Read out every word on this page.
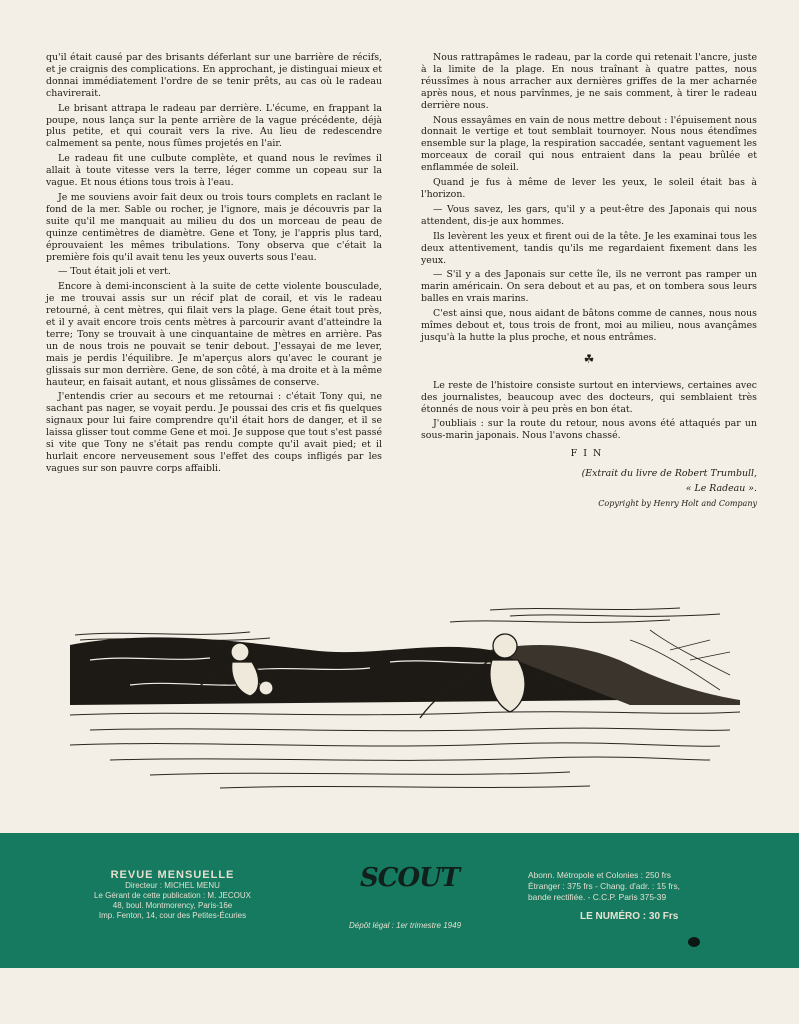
qu'il était causé par des brisants déferlant sur une barrière de récifs, et je craignis des complications. En approchant, je distinguai mieux et donnai immédiatement l'ordre de se tenir prêts, au cas où le radeau chavirerait.

Le brisant attrapa le radeau par derrière. L'écume, en frappant la poupe, nous lança sur la pente arrière de la vague précédente, déjà plus petite, et qui courait vers la rive. Au lieu de redescendre calmement sa pente, nous fûmes projetés en l'air.

Le radeau fit une culbute complète, et quand nous le revîmes il allait à toute vitesse vers la terre, léger comme un copeau sur la vague. Et nous étions tous trois à l'eau.

Je me souviens avoir fait deux ou trois tours complets en raclant le fond de la mer. Sable ou rocher, je l'ignore, mais je découvris par la suite qu'il me manquait au milieu du dos un morceau de peau de quinze centimètres de diamètre. Gene et Tony, je l'appris plus tard, éprouvaient les mêmes tribulations. Tony observa que c'était la première fois qu'il avait tenu les yeux ouverts sous l'eau.

— Tout était joli et vert.

Encore à demi-inconscient à la suite de cette violente bousculade, je me trouvai assis sur un récif plat de corail, et vis le radeau retourné, à cent mètres, qui filait vers la plage. Gene était tout près, et il y avait encore trois cents mètres à parcourir avant d'atteindre la terre; Tony se trouvait à une cinquantaine de mètres en arrière. Pas un de nous trois ne pouvait se tenir debout. J'essayai de me lever, mais je perdis l'équilibre. Je m'aperçus alors qu'avec le courant je glissais sur mon derrière. Gene, de son côté, à ma droite et à la même hauteur, en faisait autant, et nous glissâmes de conserve.

J'entendis crier au secours et me retournai : c'était Tony qui, ne sachant pas nager, se voyait perdu. Je poussai des cris et fis quelques signaux pour lui faire comprendre qu'il était hors de danger, et il se laissa glisser tout comme Gene et moi. Je suppose que tout s'est passé si vite que Tony ne s'était pas rendu compte qu'il avait pied; et il hurlait encore nerveusement sous l'effet des coups infligés par les vagues sur son pauvre corps affaibli.

Nous rattrapâmes le radeau, par la corde qui retenait l'ancre, juste à la limite de la plage. En nous traînant à quatre pattes, nous réussîmes à nous arracher aux dernières griffes de la mer acharnée après nous, et nous parvînmes, je ne sais comment, à tirer le radeau derrière nous.

Nous essayâmes en vain de nous mettre debout : l'épuisement nous donnait le vertige et tout semblait tournoyer. Nous nous étendîmes ensemble sur la plage, la respiration saccadée, sentant vaguement les morceaux de corail qui nous entraient dans la peau brûlée et enflammée de soleil.

Quand je fus à même de lever les yeux, le soleil était bas à l'horizon.

— Vous savez, les gars, qu'il y a peut-être des Japonais qui nous attendent, dis-je aux hommes.

Ils levèrent les yeux et firent oui de la tête. Je les examinai tous les deux attentivement, tandis qu'ils me regardaient fixement dans les yeux.

— S'il y a des Japonais sur cette île, ils ne verront pas ramper un marin américain. On sera debout et au pas, et on tombera sous leurs balles en vrais marins.

C'est ainsi que, nous aidant de bâtons comme de cannes, nous nous mîmes debout et, tous trois de front, moi au milieu, nous avançâmes jusqu'à la hutte la plus proche, et nous entrâmes.

☘

Le reste de l'histoire consiste surtout en interviews, certaines avec des journalistes, beaucoup avec des docteurs, qui semblaient très étonnés de nous voir à peu près en bon état.

J'oubliais : sur la route du retour, nous avons été attaqués par un sous-marin japonais. Nous l'avons chassé.

FIN

(Extrait du livre de Robert Trumbull,

« Le Radeau ».

Copyright by Henry Holt and Company
REVUE MENSUELLE
Directeur : MICHEL MENU
Le Gérant de cette publication : M. JECOUX
48, boul. Montmorency, Paris-16e
Imp. Fenton, 14, cour des Petites-Écuries
SCOUT
Dépôt légal : 1er trimestre 1949
Abonn. Métropole et Colonies : 250 frs
Étranger : 375 frs - Chang. d'adr. : 15 frs,
bande rectifiée. - C.C.P. Paris 375-39
LE NUMÉRO : 30 Frs
